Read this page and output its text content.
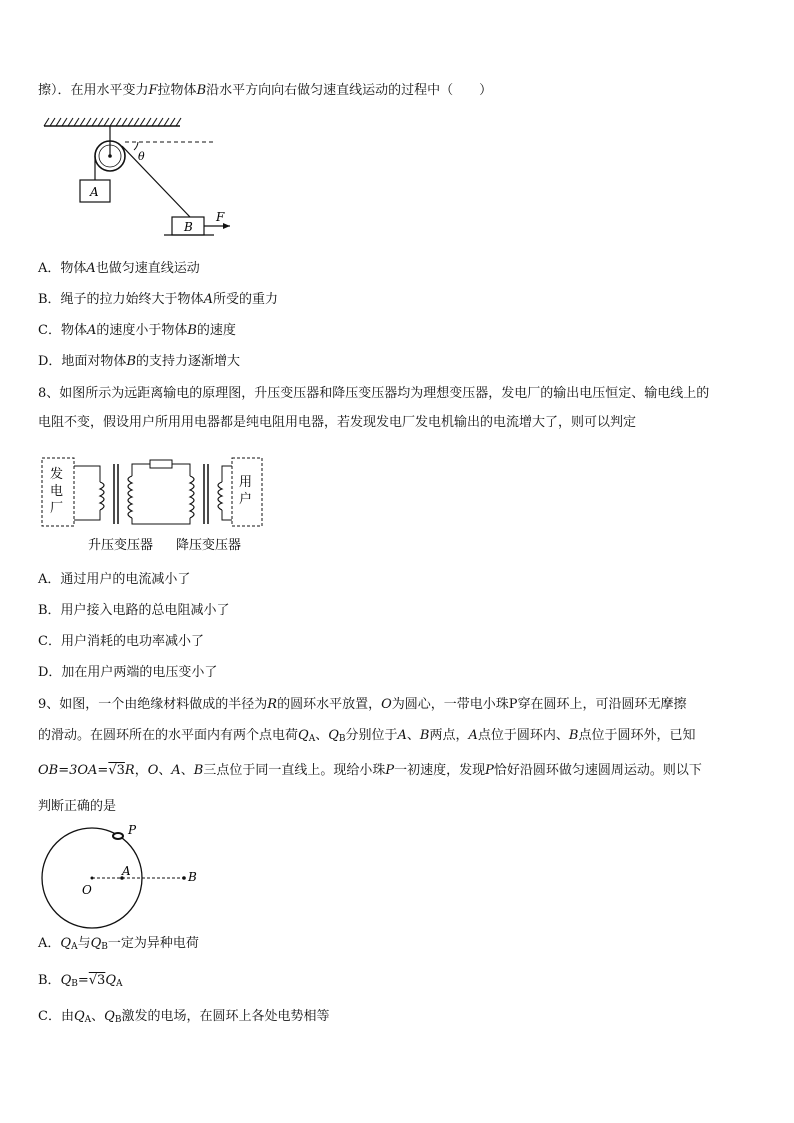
擦）．在用水平变力F拉物体B沿水平方向向右做匀速直线运动的过程中（　　）
θ
A
B
F
A．物体A也做匀速直线运动
B．绳子的拉力始终大于物体A所受的重力
C．物体A的速度小于物体B的速度
D．地面对物体B的支持力逐渐增大
8、如图所示为远距离输电的原理图，升压变压器和降压变压器均为理想变压器，发电厂的输出电压恒定、输电线上的
电阻不变，假设用户所用用电器都是纯电阻用电器，若发现发电厂发电机输出的电流增大了，则可以判定
发
电
厂
用
户
升压变压器 降压变压器
A．通过用户的电流减小了
B．用户接入电路的总电阻减小了
C．用户消耗的电功率减小了
D．加在用户两端的电压变小了
9、如图，一个由绝缘材料做成的半径为R的圆环水平放置，O为圆心，一带电小珠P穿在圆环上，可沿圆环无摩擦
的滑动。在圆环所在的水平面内有两个点电荷$Q_A$、$Q_B$分别位于A、B两点，A点位于圆环内、B点位于圆环外，已知
OB=3OA=√3R，O、A、B三点位于同一直线上。现给小珠P一初速度，发现P恰好沿圆环做匀速圆周运动。则以下
判断正确的是
P
O
A	B
A．$Q_A$与$Q_B$一定为异种电荷
B．$Q_B=√3Q_A$
C．由$Q_A$、$Q_B$激发的电场，在圆环上各处电势相等
